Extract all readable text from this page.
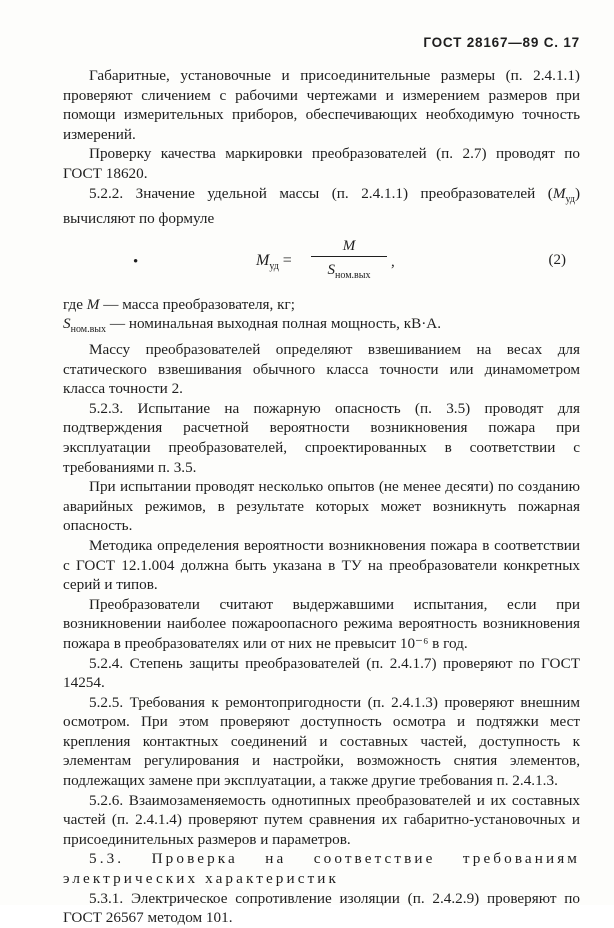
ГОСТ 28167—89 С. 17

Габаритные, установочные и присоединительные размеры (п. 2.4.1.1) проверяют сличением с рабочими чертежами и измерением размеров при помощи измерительных приборов, обеспечивающих необходимую точность измерений.

Проверку качества маркировки преобразователей (п. 2.7) проводят по ГОСТ 18620.

5.2.2. Значение удельной массы (п. 2.4.1.1) преобразователей $(M_{уд})$ вычисляют по формуле

•	$M_{уд}$ =
M
$S_{ном.вых}$
,	(2)

где M — масса преобразователя, кг;

$S_{ном.вых}$ — номинальная выходная полная мощность, кВ·А.

Массу преобразователей определяют взвешиванием на весах для статического взвешивания обычного класса точности или динамометром класса точности 2.

5.2.3. Испытание на пожарную опасность (п. 3.5) проводят для подтверждения расчетной вероятности возникновения пожара при эксплуатации преобразователей, спроектированных в соответствии с требованиями п. 3.5.

При испытании проводят несколько опытов (не менее десяти) по созданию аварийных режимов, в результате которых может возникнуть пожарная опасность.

Методика определения вероятности возникновения пожара в соответствии с ГОСТ 12.1.004 должна быть указана в ТУ на преобразователи конкретных серий и типов.

Преобразователи считают выдержавшими испытания, если при возникновении наиболее пожароопасного режима вероятность возникновения пожара в преобразователях или от них не превысит 10⁻⁶ в год.

5.2.4. Степень защиты преобразователей (п. 2.4.1.7) проверяют по ГОСТ 14254.

5.2.5. Требования к ремонтопригодности (п. 2.4.1.3) проверяют внешним осмотром. При этом проверяют доступность осмотра и подтяжки мест крепления контактных соединений и составных частей, доступность к элементам регулирования и настройки, возможность снятия элементов, подлежащих замене при эксплуатации, а также другие требования п. 2.4.1.3.

5.2.6. Взаимозаменяемость однотипных преобразователей и их составных частей (п. 2.4.1.4) проверяют путем сравнения их габаритно-установочных и присоединительных размеров и параметров.

5.3. Проверка на соответствие требованиям электрических характеристик

5.3.1. Электрическое сопротивление изоляции (п. 2.4.2.9) проверяют по ГОСТ 26567 методом 101.
